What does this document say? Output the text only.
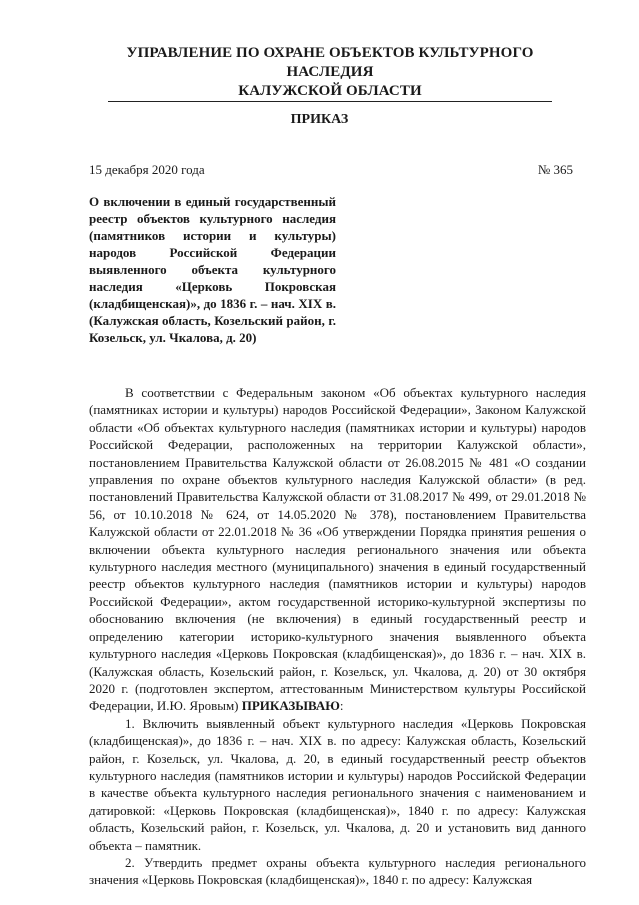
УПРАВЛЕНИЕ ПО ОХРАНЕ ОБЪЕКТОВ КУЛЬТУРНОГО НАСЛЕДИЯ

КАЛУЖСКОЙ ОБЛАСТИ
ПРИКАЗ
15 декабря 2020 года	№ 365
О включении в единый государственный реестр объектов культурного наследия (памятников истории и культуры) народов Российской Федерации выявленного объекта культурного наследия «Церковь Покровская (кладбищенская)», до 1836 г. – нач. XIX в. (Калужская область, Козельский район, г. Козельск, ул. Чкалова, д. 20)

В соответствии с Федеральным законом «Об объектах культурного наследия (памятниках истории и культуры) народов Российской Федерации», Законом Калужской области «Об объектах культурного наследия (памятниках истории и культуры) народов Российской Федерации, расположенных на территории Калужской области», постановлением Правительства Калужской области от 26.08.2015 № 481 «О создании управления по охране объектов культурного наследия Калужской области» (в ред. постановлений Правительства Калужской области от 31.08.2017 № 499, от 29.01.2018 № 56, от 10.10.2018 № 624, от 14.05.2020 № 378), постановлением Правительства Калужской области от 22.01.2018 № 36 «Об утверждении Порядка принятия решения о включении объекта культурного наследия регионального значения или объекта культурного наследия местного (муниципального) значения в единый государственный реестр объектов культурного наследия (памятников истории и культуры) народов Российской Федерации», актом государственной историко-культурной экспертизы по обоснованию включения (не включения) в единый государственный реестр и определению категории историко-культурного значения выявленного объекта культурного наследия «Церковь Покровская (кладбищенская)», до 1836 г. – нач. XIX в. (Калужская область, Козельский район, г. Козельск, ул. Чкалова, д. 20) от 30 октября 2020 г. (подготовлен экспертом, аттестованным Министерством культуры Российской Федерации, И.Ю. Яровым) ПРИКАЗЫВАЮ:

1. Включить выявленный объект культурного наследия «Церковь Покровская (кладбищенская)», до 1836 г. – нач. XIX в. по адресу: Калужская область, Козельский район, г. Козельск, ул. Чкалова, д. 20, в единый государственный реестр объектов культурного наследия (памятников истории и культуры) народов Российской Федерации в качестве объекта культурного наследия регионального значения с наименованием и датировкой: «Церковь Покровская (кладбищенская)», 1840 г. по адресу: Калужская область, Козельский район, г. Козельск, ул. Чкалова, д. 20 и установить вид данного объекта – памятник.

2. Утвердить предмет охраны объекта культурного наследия регионального значения «Церковь Покровская (кладбищенская)», 1840 г. по адресу: Калужская
